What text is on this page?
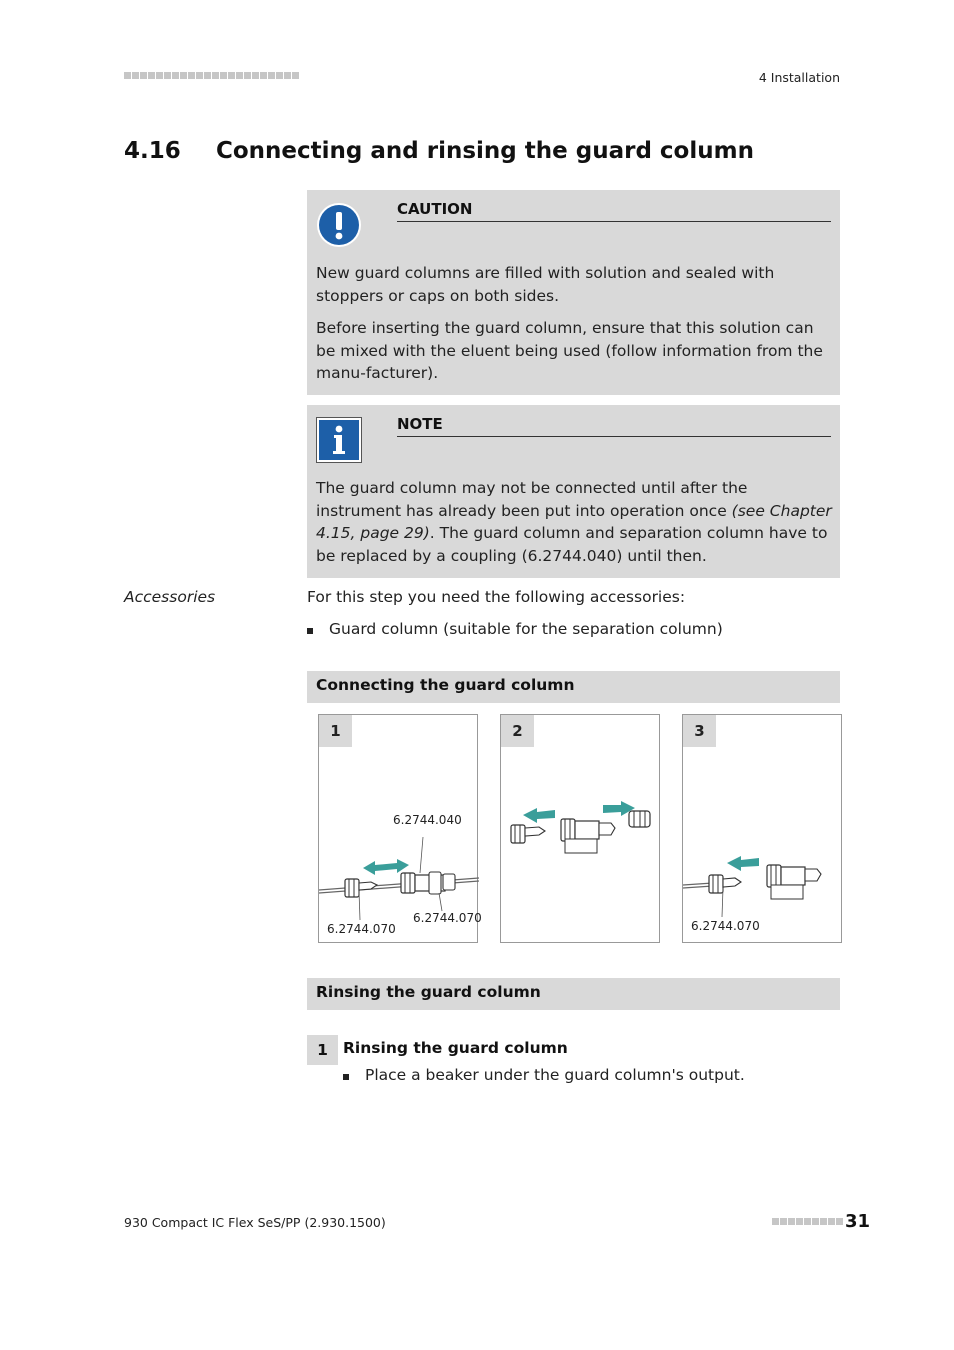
4 Installation
4.16 Connecting and rinsing the guard column
CAUTION

New guard columns are filled with solution and sealed with stoppers or caps on both sides.

Before inserting the guard column, ensure that this solution can be mixed with the eluent being used (follow information from the manu-facturer).

NOTE

The guard column may not be connected until after the instrument has already been put into operation once (see Chapter 4.15, page 29). The guard column and separation column have to be replaced by a coupling (6.2744.040) until then.

Accessories	For this step you need the following accessories:
Guard column (suitable for the separation column)
Connecting the guard column
1
6.2744.040
6.2744.070
6.2744.070
2	3
6.2744.070
Rinsing the guard column
1 Rinsing the guard column
Place a beaker under the guard column's output.
930 Compact IC Flex SeS/PP (2.930.1500)	31
